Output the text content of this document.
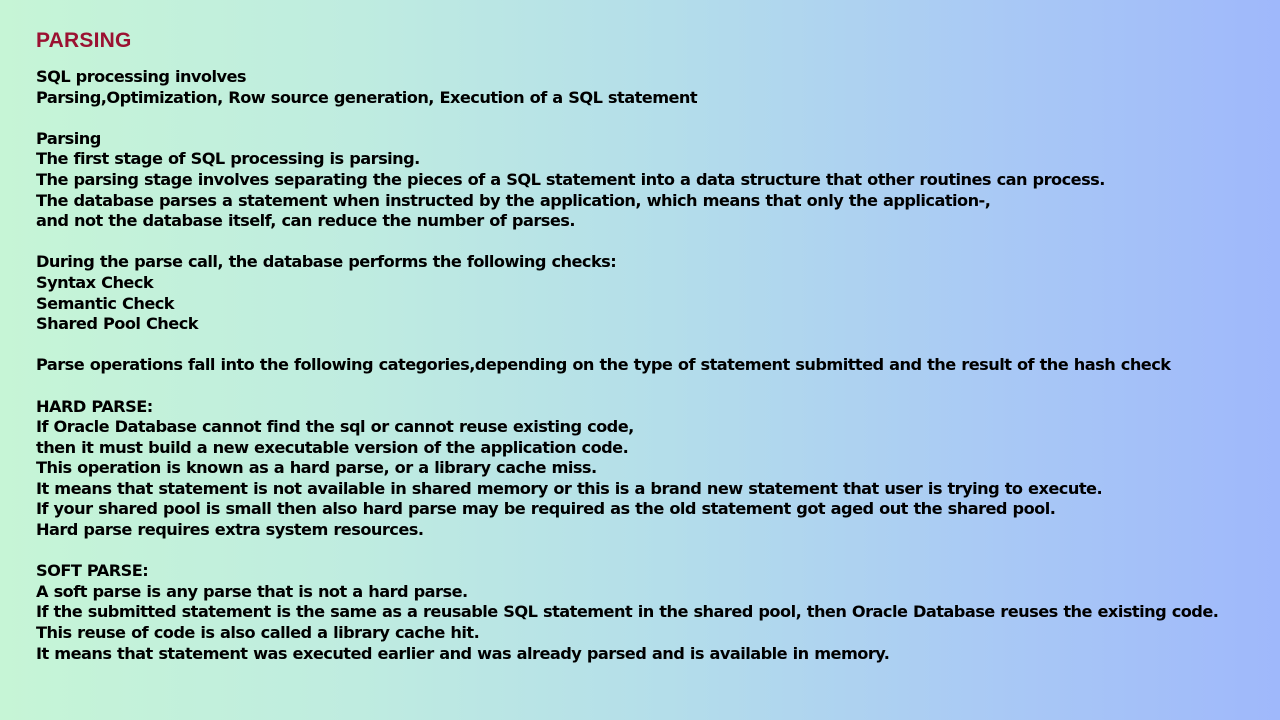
PARSING
SQL processing involves
Parsing,Optimization, Row source generation, Execution of a SQL statement
Parsing
The first stage of SQL processing is parsing.
The parsing stage involves separating the pieces of a SQL statement into a data structure that other routines can process.
The database parses a statement when instructed by the application, which means that only the application-,
and not the database itself, can reduce the number of parses.
During the parse call, the database performs the following checks:
Syntax Check
Semantic Check
Shared Pool Check
Parse operations fall into the following categories,depending on the type of statement submitted and the result of the hash check
HARD PARSE:
If Oracle Database cannot find the sql or cannot reuse existing code,
then it must build a new executable version of the application code.
This operation is known as a hard parse, or a library cache miss.
It means that statement is not available in shared memory or this is a brand new statement that user is trying to execute.
If your shared pool is small then also hard parse may be required as the old statement got aged out the shared pool.
Hard parse requires extra system resources.
SOFT PARSE:
A soft parse is any parse that is not a hard parse.
If the submitted statement is the same as a reusable SQL statement in the shared pool, then Oracle Database reuses the existing code.
This reuse of code is also called a library cache hit.
It means that statement was executed earlier and was already parsed and is available in memory.
